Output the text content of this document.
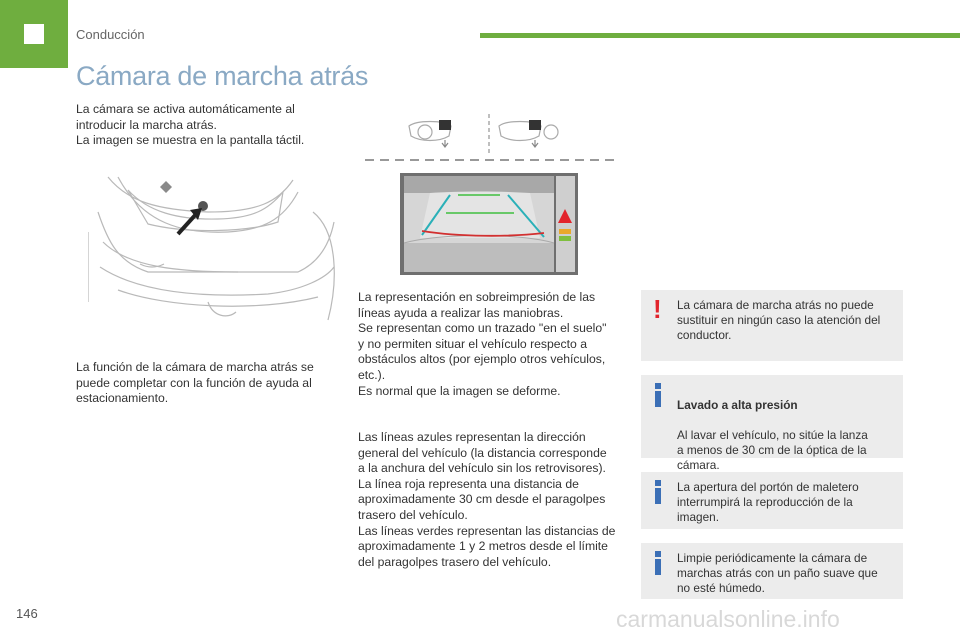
Conducción
Cámara de marcha atrás

La cámara se activa automáticamente al
introducir la marcha atrás.
La imagen se muestra en la pantalla táctil.

La función de la cámara de marcha atrás se
puede completar con la función de ayuda al
estacionamiento.

La representación en sobreimpresión de las
líneas ayuda a realizar las maniobras.
Se representan como un trazado "en el suelo"
y no permiten situar el vehículo respecto a
obstáculos altos (por ejemplo otros vehículos,
etc.).
Es normal que la imagen se deforme.

Las líneas azules representan la dirección
general del vehículo (la distancia corresponde
a la anchura del vehículo sin los retrovisores).
La línea roja representa una distancia de
aproximadamente 30 cm desde el paragolpes
trasero del vehículo.
Las líneas verdes representan las distancias de
aproximadamente 1 y 2 metros desde el límite
del paragolpes trasero del vehículo.

! La cámara de marcha atrás no puede
sustituir en ningún caso la atención del
conductor.

Lavado a alta presión

Al lavar el vehículo, no sitúe la lanza
a menos de 30 cm de la óptica de la
cámara.

La apertura del portón de maletero
interrumpirá la reproducción de la
imagen.
Limpie periódicamente la cámara de
marchas atrás con un paño suave que
no esté húmedo.
146	carmanualsonline.info
